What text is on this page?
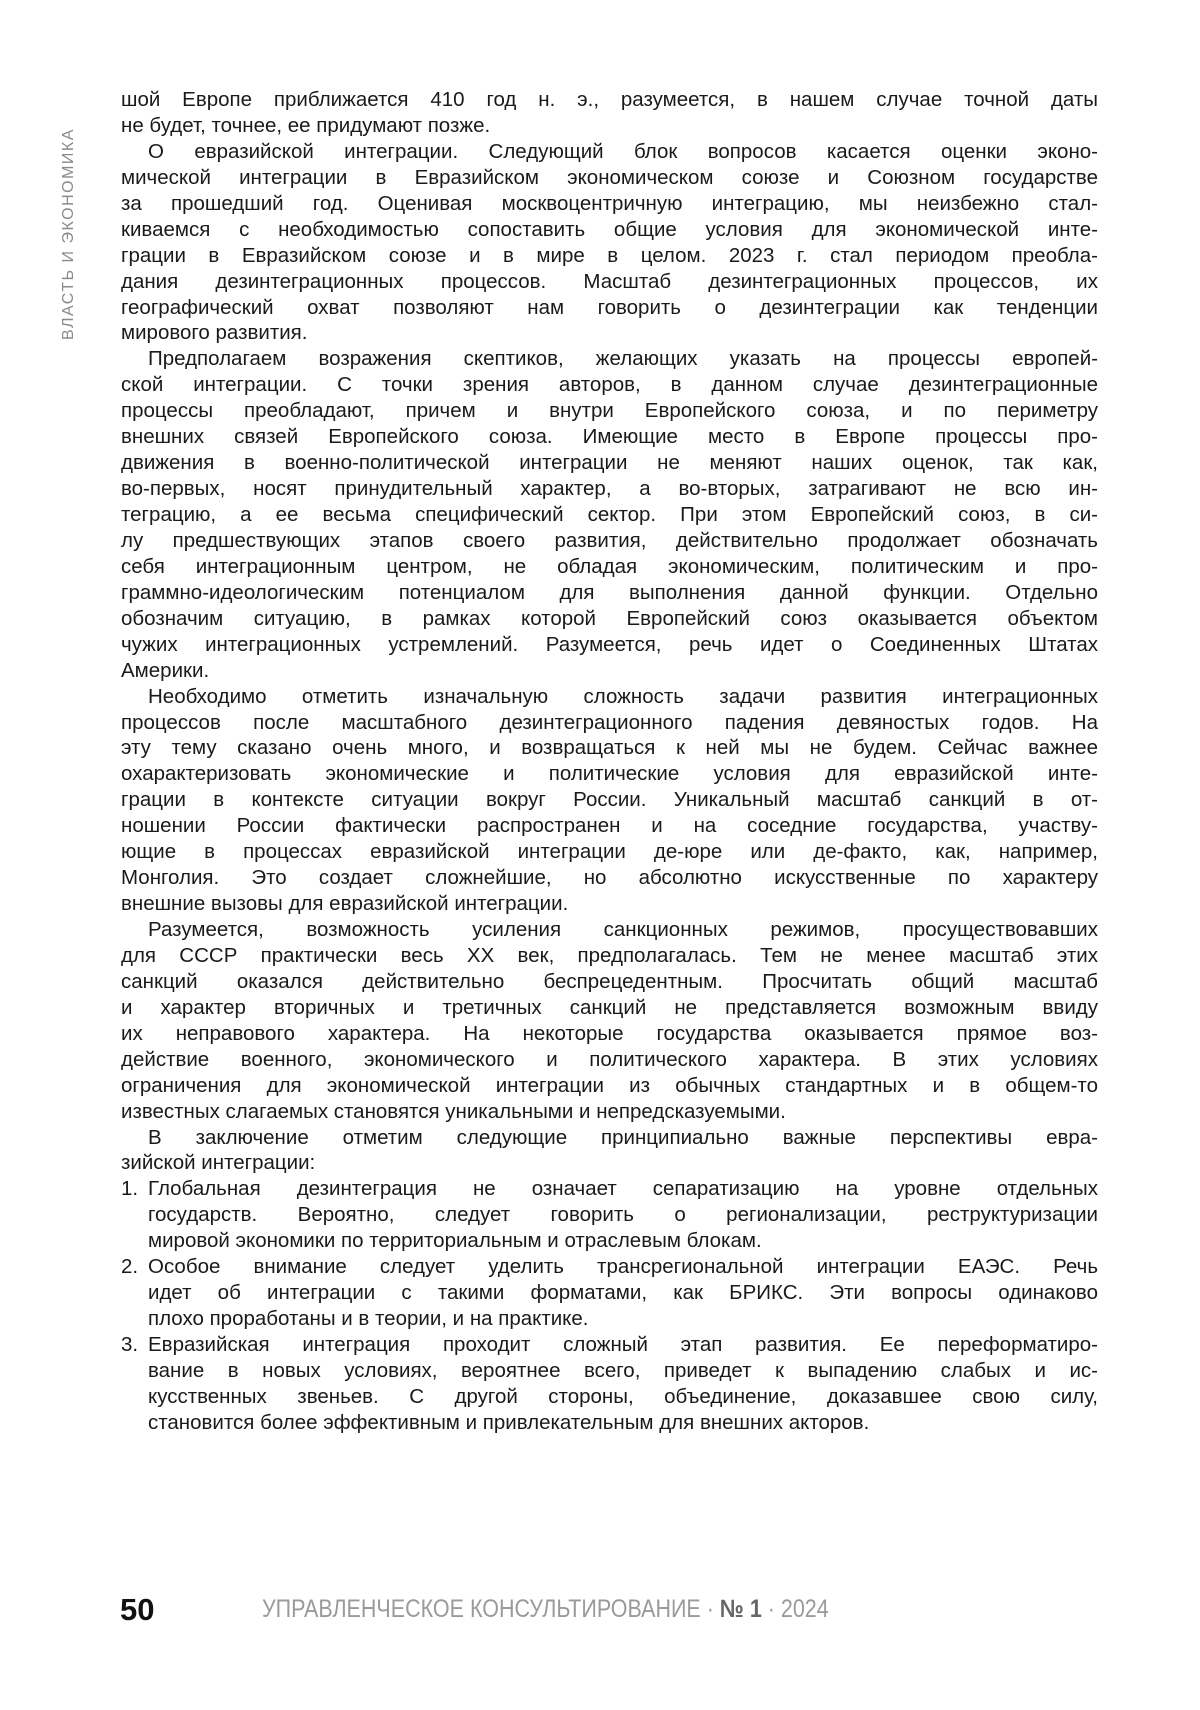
ВЛАСТЬ И ЭКОНОМИКА
шой Европе приближается 410 год н. э., разумеется, в нашем случае точной даты
не будет, точнее, ее придумают позже.
О евразийской интеграции. Следующий блок вопросов касается оценки эконо-
мической интеграции в Евразийском экономическом союзе и Союзном государстве
за прошедший год. Оценивая москвоцентричную интеграцию, мы неизбежно стал-
киваемся с необходимостью сопоставить общие условия для экономической инте-
грации в Евразийском союзе и в мире в целом. 2023 г. стал периодом преобла-
дания дезинтеграционных процессов. Масштаб дезинтеграционных процессов, их
географический охват позволяют нам говорить о дезинтеграции как тенденции
мирового развития.
Предполагаем возражения скептиков, желающих указать на процессы европей-
ской интеграции. С точки зрения авторов, в данном случае дезинтеграционные
процессы преобладают, причем и внутри Европейского союза, и по периметру
внешних связей Европейского союза. Имеющие место в Европе процессы про-
движения в военно-политической интеграции не меняют наших оценок, так как,
во-первых, носят принудительный характер, а во-вторых, затрагивают не всю ин-
теграцию, а ее весьма специфический сектор. При этом Европейский союз, в си-
лу предшествующих этапов своего развития, действительно продолжает обозначать
себя интеграционным центром, не обладая экономическим, политическим и про-
граммно-идеологическим потенциалом для выполнения данной функции. Отдельно
обозначим ситуацию, в рамках которой Европейский союз оказывается объектом
чужих интеграционных устремлений. Разумеется, речь идет о Соединенных Штатах
Америки.
Необходимо отметить изначальную сложность задачи развития интеграционных
процессов после масштабного дезинтеграционного падения девяностых годов. На
эту тему сказано очень много, и возвращаться к ней мы не будем. Сейчас важнее
охарактеризовать экономические и политические условия для евразийской инте-
грации в контексте ситуации вокруг России. Уникальный масштаб санкций в от-
ношении России фактически распространен и на соседние государства, участву-
ющие в процессах евразийской интеграции де-юре или де-факто, как, например,
Монголия. Это создает сложнейшие, но абсолютно искусственные по характеру
внешние вызовы для евразийской интеграции.
Разумеется, возможность усиления санкционных режимов, просуществовавших
для СССР практически весь XX век, предполагалась. Тем не менее масштаб этих
санкций оказался действительно беспрецедентным. Просчитать общий масштаб
и характер вторичных и третичных санкций не представляется возможным ввиду
их неправового характера. На некоторые государства оказывается прямое воз-
действие военного, экономического и политического характера. В этих условиях
ограничения для экономической интеграции из обычных стандартных и в общем-то
известных слагаемых становятся уникальными и непредсказуемыми.
В заключение отметим следующие принципиально важные перспективы евра-
зийской интеграции:
1. Глобальная дезинтеграция не означает сепаратизацию на уровне отдельных
государств. Вероятно, следует говорить о регионализации, реструктуризации
мировой экономики по территориальным и отраслевым блокам.
2. Особое внимание следует уделить трансрегиональной интеграции ЕАЭС. Речь
идет об интеграции с такими форматами, как БРИКС. Эти вопросы одинаково
плохо проработаны и в теории, и на практике.
3. Евразийская интеграция проходит сложный этап развития. Ее переформатиро-
вание в новых условиях, вероятнее всего, приведет к выпадению слабых и ис-
кусственных звеньев. С другой стороны, объединение, доказавшее свою силу,
становится более эффективным и привлекательным для внешних акторов.
50	УПРАВЛЕНЧЕСКОЕ КОНСУЛЬТИРОВАНИЕ · № 1 · 2024
